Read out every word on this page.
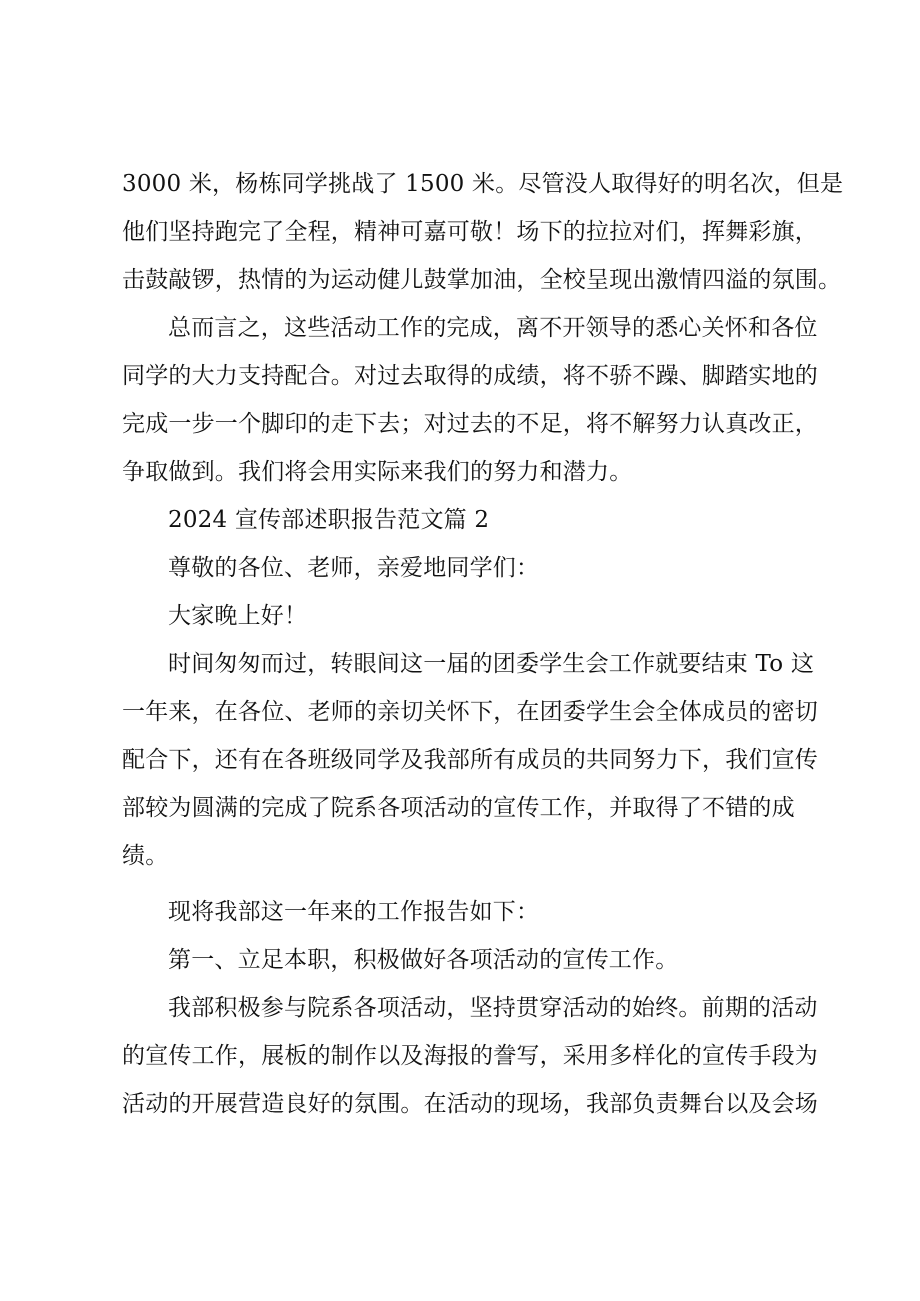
3000 米，杨栋同学挑战了 1500 米。尽管没人取得好的明名次，但是
他们坚持跑完了全程，精神可嘉可敬！场下的拉拉对们，挥舞彩旗，
击鼓敲锣，热情的为运动健儿鼓掌加油，全校呈现出激情四溢的氛围。
总而言之，这些活动工作的完成，离不开领导的悉心关怀和各位
同学的大力支持配合。对过去取得的成绩，将不骄不躁、脚踏实地的
完成一步一个脚印的走下去；对过去的不足，将不解努力认真改正，
争取做到。我们将会用实际来我们的努力和潜力。
2024 宣传部述职报告范文篇 2
尊敬的各位、老师，亲爱地同学们：
大家晚上好！
时间匆匆而过，转眼间这一届的团委学生会工作就要结束 To 这
一年来，在各位、老师的亲切关怀下，在团委学生会全体成员的密切
配合下，还有在各班级同学及我部所有成员的共同努力下，我们宣传
部较为圆满的完成了院系各项活动的宣传工作，并取得了不错的成
绩。
现将我部这一年来的工作报告如下：
第一、立足本职，积极做好各项活动的宣传工作。
我部积极参与院系各项活动，坚持贯穿活动的始终。前期的活动
的宣传工作，展板的制作以及海报的誊写，采用多样化的宣传手段为
活动的开展营造良好的氛围。在活动的现场，我部负责舞台以及会场
